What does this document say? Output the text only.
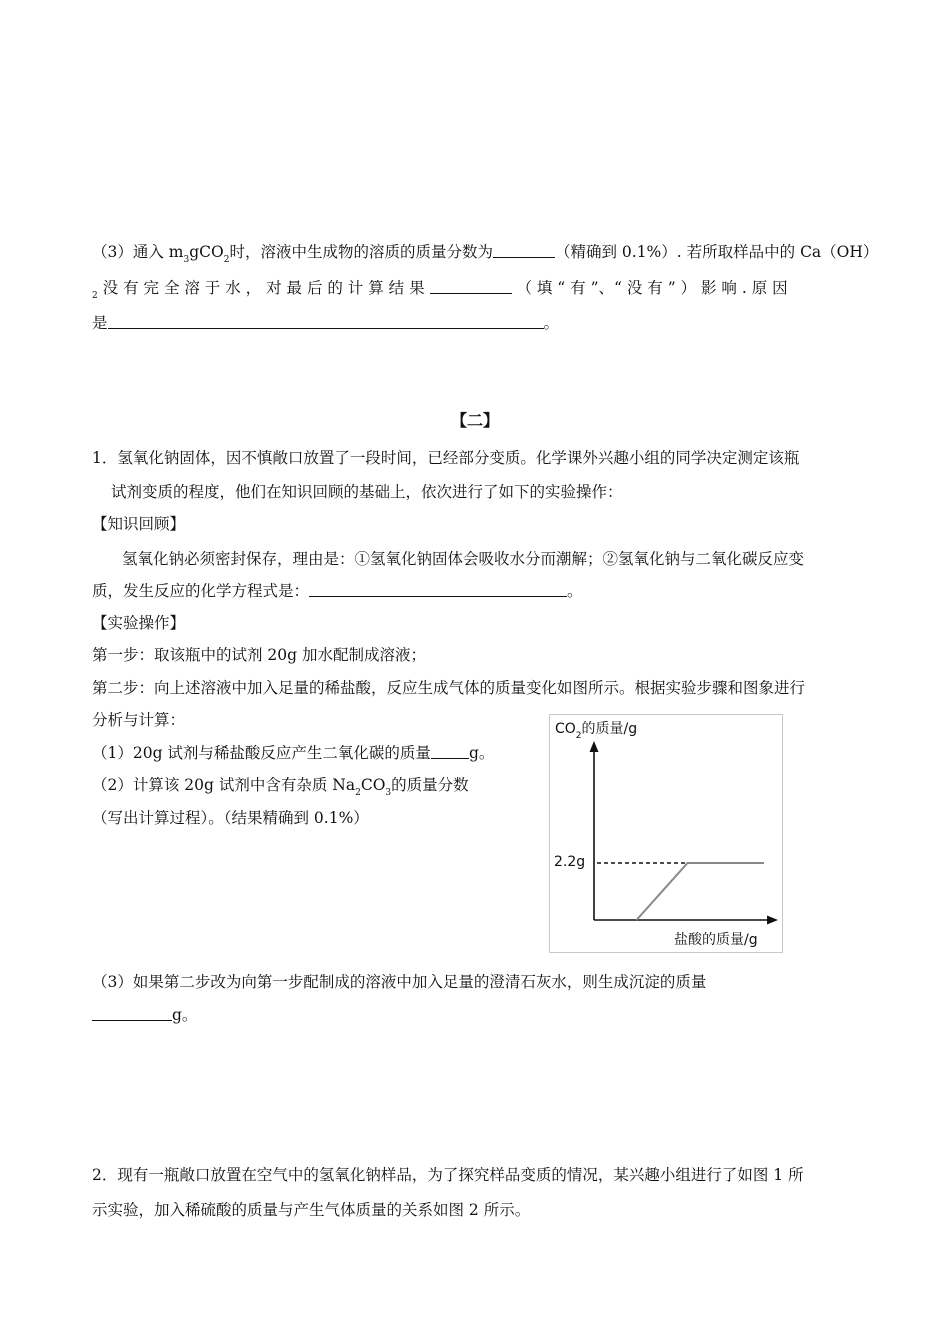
（3）通入 $m_3gCO_2$时，溶液中生成物的溶质的质量分数为	（精确到 0.1%）. 若所取样品中的 Ca（OH）
$_2$ 没 有 完 全 溶 于 水 ， 对 最 后 的 计 算 结 果	（ 填 “ 有 ”、“ 没 有 ” ） 影 响 . 原 因
是	。
【二】
1．氢氧化钠固体，因不慎敞口放置了一段时间，已经部分变质。化学课外兴趣小组的同学决定测定该瓶
试剂变质的程度，他们在知识回顾的基础上，依次进行了如下的实验操作：
【知识回顾】
氢氧化钠必须密封保存，理由是：①氢氧化钠固体会吸收水分而潮解；②氢氧化钠与二氧化碳反应变
质，发生反应的化学方程式是：	。
【实验操作】
第一步：取该瓶中的试剂 20g 加水配制成溶液；
第二步：向上述溶液中加入足量的稀盐酸，反应生成气体的质量变化如图所示。根据实验步骤和图象进行
分析与计算：
（1）20g 试剂与稀盐酸反应产生二氧化碳的质量 g。
（2）计算该 20g 试剂中含有杂质 $Na_2CO_3$的质量分数
（写出计算过程）。（结果精确到 0.1%）
$CO_2$的质量/g
2.2g
盐酸的质量/g
（3）如果第二步改为向第一步配制成的溶液中加入足量的澄清石灰水，则生成沉淀的质量
g。
2．现有一瓶敞口放置在空气中的氢氧化钠样品，为了探究样品变质的情况，某兴趣小组进行了如图 1 所
示实验，加入稀硫酸的质量与产生气体质量的关系如图 2 所示。
